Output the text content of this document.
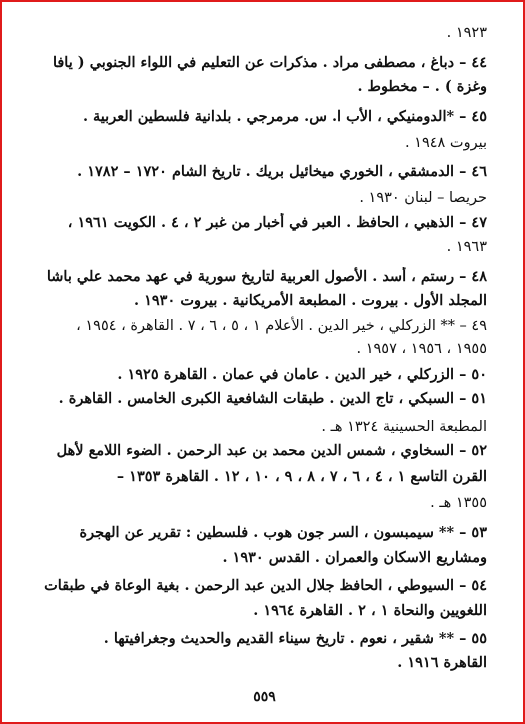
١٩٢٣ .
٤٤ – دباغ ، مصطفى مراد . مذكرات عن التعليم في اللواء الجنوبي ( يافا
وغزة ) . – مخطوط .
٤٥ – *الدومنيكي ، الأب ا. س. مرمرجي . بلدانية فلسطين العربية .
بيروت ١٩٤٨ .
٤٦ – الدمشقي ، الخوري ميخائيل بريك . تاريخ الشام ١٧٢٠ – ١٧٨٢ .
حريصا – لبنان ١٩٣٠ .
٤٧ – الذهبي ، الحافظ . العبر في أخبار من غبر ٢ ، ٤ . الكويت ١٩٦١ ،
١٩٦٣ .
٤٨ – رستم ، أسد . الأصول العربية لتاريخ سورية في عهد محمد علي باشا
المجلد الأول . بيروت . المطبعة الأمريكانية . بيروت ١٩٣٠ .
٤٩ – ** الزركلي ، خير الدين . الأعلام ١ ، ٥ ، ٦ ، ٧ . القاهرة ، ١٩٥٤ ،
١٩٥٥ ، ١٩٥٦ ، ١٩٥٧ .
٥٠ – الزركلي ، خير الدين . عامان في عمان . القاهرة ١٩٢٥ .
٥١ – السبكي ، تاج الدين . طبقات الشافعية الكبرى الخامس . القاهرة .
المطبعة الحسينية ١٣٢٤ هـ .
٥٢ – السخاوي ، شمس الدين محمد بن عبد الرحمن . الضوء اللامع لأهل
القرن التاسع ١ ، ٤ ، ٦ ، ٧ ، ٨ ، ٩ ، ١٠ ، ١٢ . القاهرة ١٣٥٣ –
١٣٥٥ هـ .
٥٣ – ** سيمبسون ، السر جون هوب . فلسطين : تقرير عن الهجرة
ومشاريع الاسكان والعمران . القدس ١٩٣٠ .
٥٤ – السيوطي ، الحافظ جلال الدين عبد الرحمن . بغية الوعاة في طبقات
اللغويين والنحاة ١ ، ٢ . القاهرة ١٩٦٤ .
٥٥ – ** شقير ، نعوم . تاريخ سيناء القديم والحديث وجغرافيتها .
القاهرة ١٩١٦ .
٥٥٩
